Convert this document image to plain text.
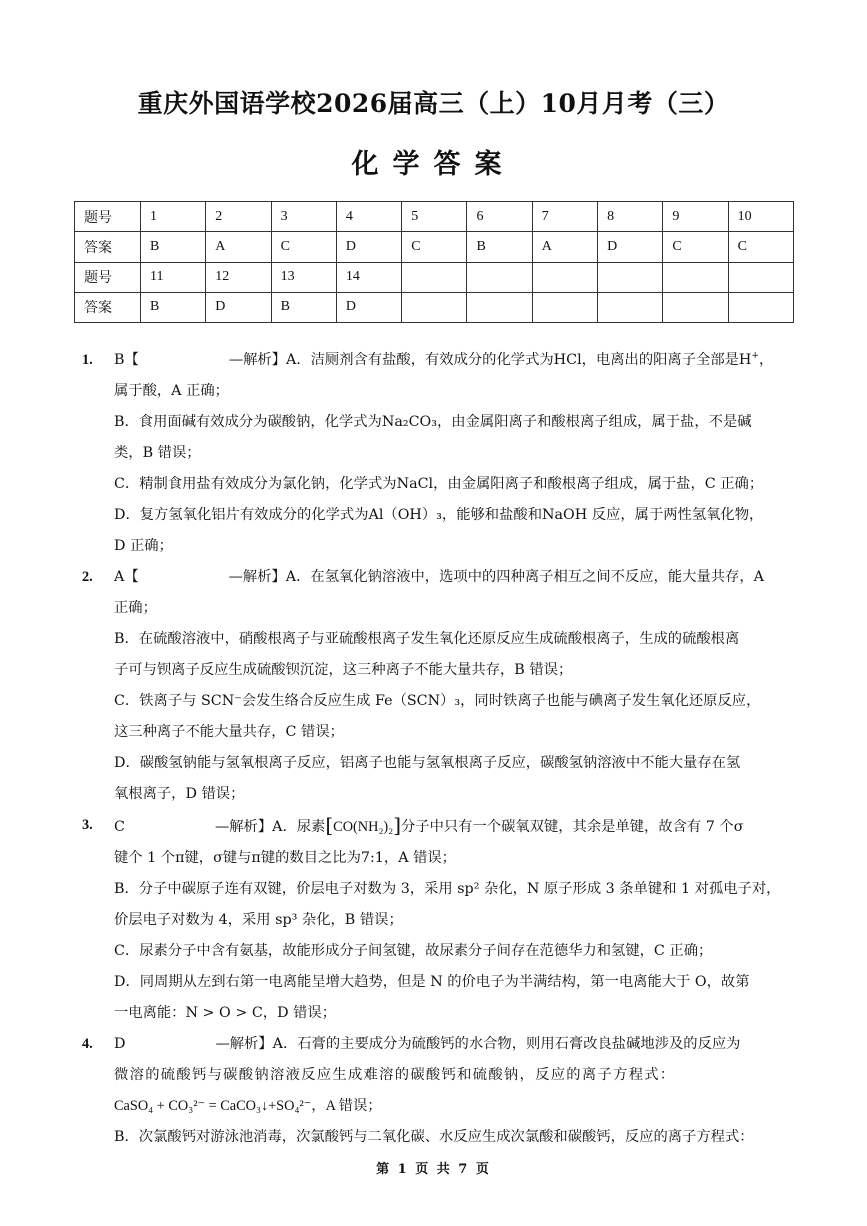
重庆外国语学校2026届高三（上）10月月考（三）
化学答案
题号	1	2	3	4	5	6	7	8	9	10
答案	B	A	C	D	C	B	A	D	C	C
题号	11	12	13	14						
答案	B	D	B	D						
1. B【	—解析】A．洁厕剂含有盐酸，有效成分的化学式为HCl，电离出的阳离子全部是H+，
属于酸，A 正确；
B．食用面碱有效成分为碳酸钠，化学式为Na₂CO₃，由金属阳离子和酸根离子组成，属于盐，不是碱
类，B 错误；
C．精制食用盐有效成分为氯化钠，化学式为NaCl，由金属阳离子和酸根离子组成，属于盐，C 正确；
D．复方氢氧化铝片有效成分的化学式为Al（OH）₃，能够和盐酸和NaOH 反应，属于两性氢氧化物，
D 正确；
2. A【	—解析】A．在氢氧化钠溶液中，选项中的四种离子相互之间不反应，能大量共存，A
正确；
B．在硫酸溶液中，硝酸根离子与亚硫酸根离子发生氧化还原反应生成硫酸根离子，生成的硫酸根离
子可与钡离子反应生成硫酸钡沉淀，这三种离子不能大量共存，B 错误；
C．铁离子与 SCN⁻会发生络合反应生成 Fe（SCN）₃，同时铁离子也能与碘离子发生氧化还原反应，
这三种离子不能大量共存，C 错误；
D．碳酸氢钠能与氢氧根离子反应，铝离子也能与氢氧根离子反应，碳酸氢钠溶液中不能大量存在氢
氧根离子，D 错误；
3. C	—解析】A．尿素[CO(NH₂)₂]分子中只有一个碳氧双键，其余是单键，故含有 7 个σ
键个 1 个π键，σ键与π键的数目之比为7:1，A 错误；
B．分子中碳原子连有双键，价层电子对数为 3，采用 sp² 杂化，N 原子形成 3 条单键和 1 对孤电子对，
价层电子对数为 4，采用 sp³ 杂化，B 错误；
C．尿素分子中含有氨基，故能形成分子间氢键，故尿素分子间存在范德华力和氢键，C 正确；
D．同周期从左到右第一电离能呈增大趋势，但是 N 的价电子为半满结构，第一电离能大于 O，故第
一电离能：N > O > C，D 错误；
4. D	—解析】A．石膏的主要成分为硫酸钙的水合物，则用石膏改良盐碱地涉及的反应为
微溶的硫酸钙与碳酸钠溶液反应生成难溶的碳酸钙和硫酸钠，反应的离子方程式：
CaSO₄ + CO₃²⁻ = CaCO₃↓+SO₄²⁻，A 错误；
B．次氯酸钙对游泳池消毒，次氯酸钙与二氧化碳、水反应生成次氯酸和碳酸钙，反应的离子方程式：
第 1 页 共 7 页
